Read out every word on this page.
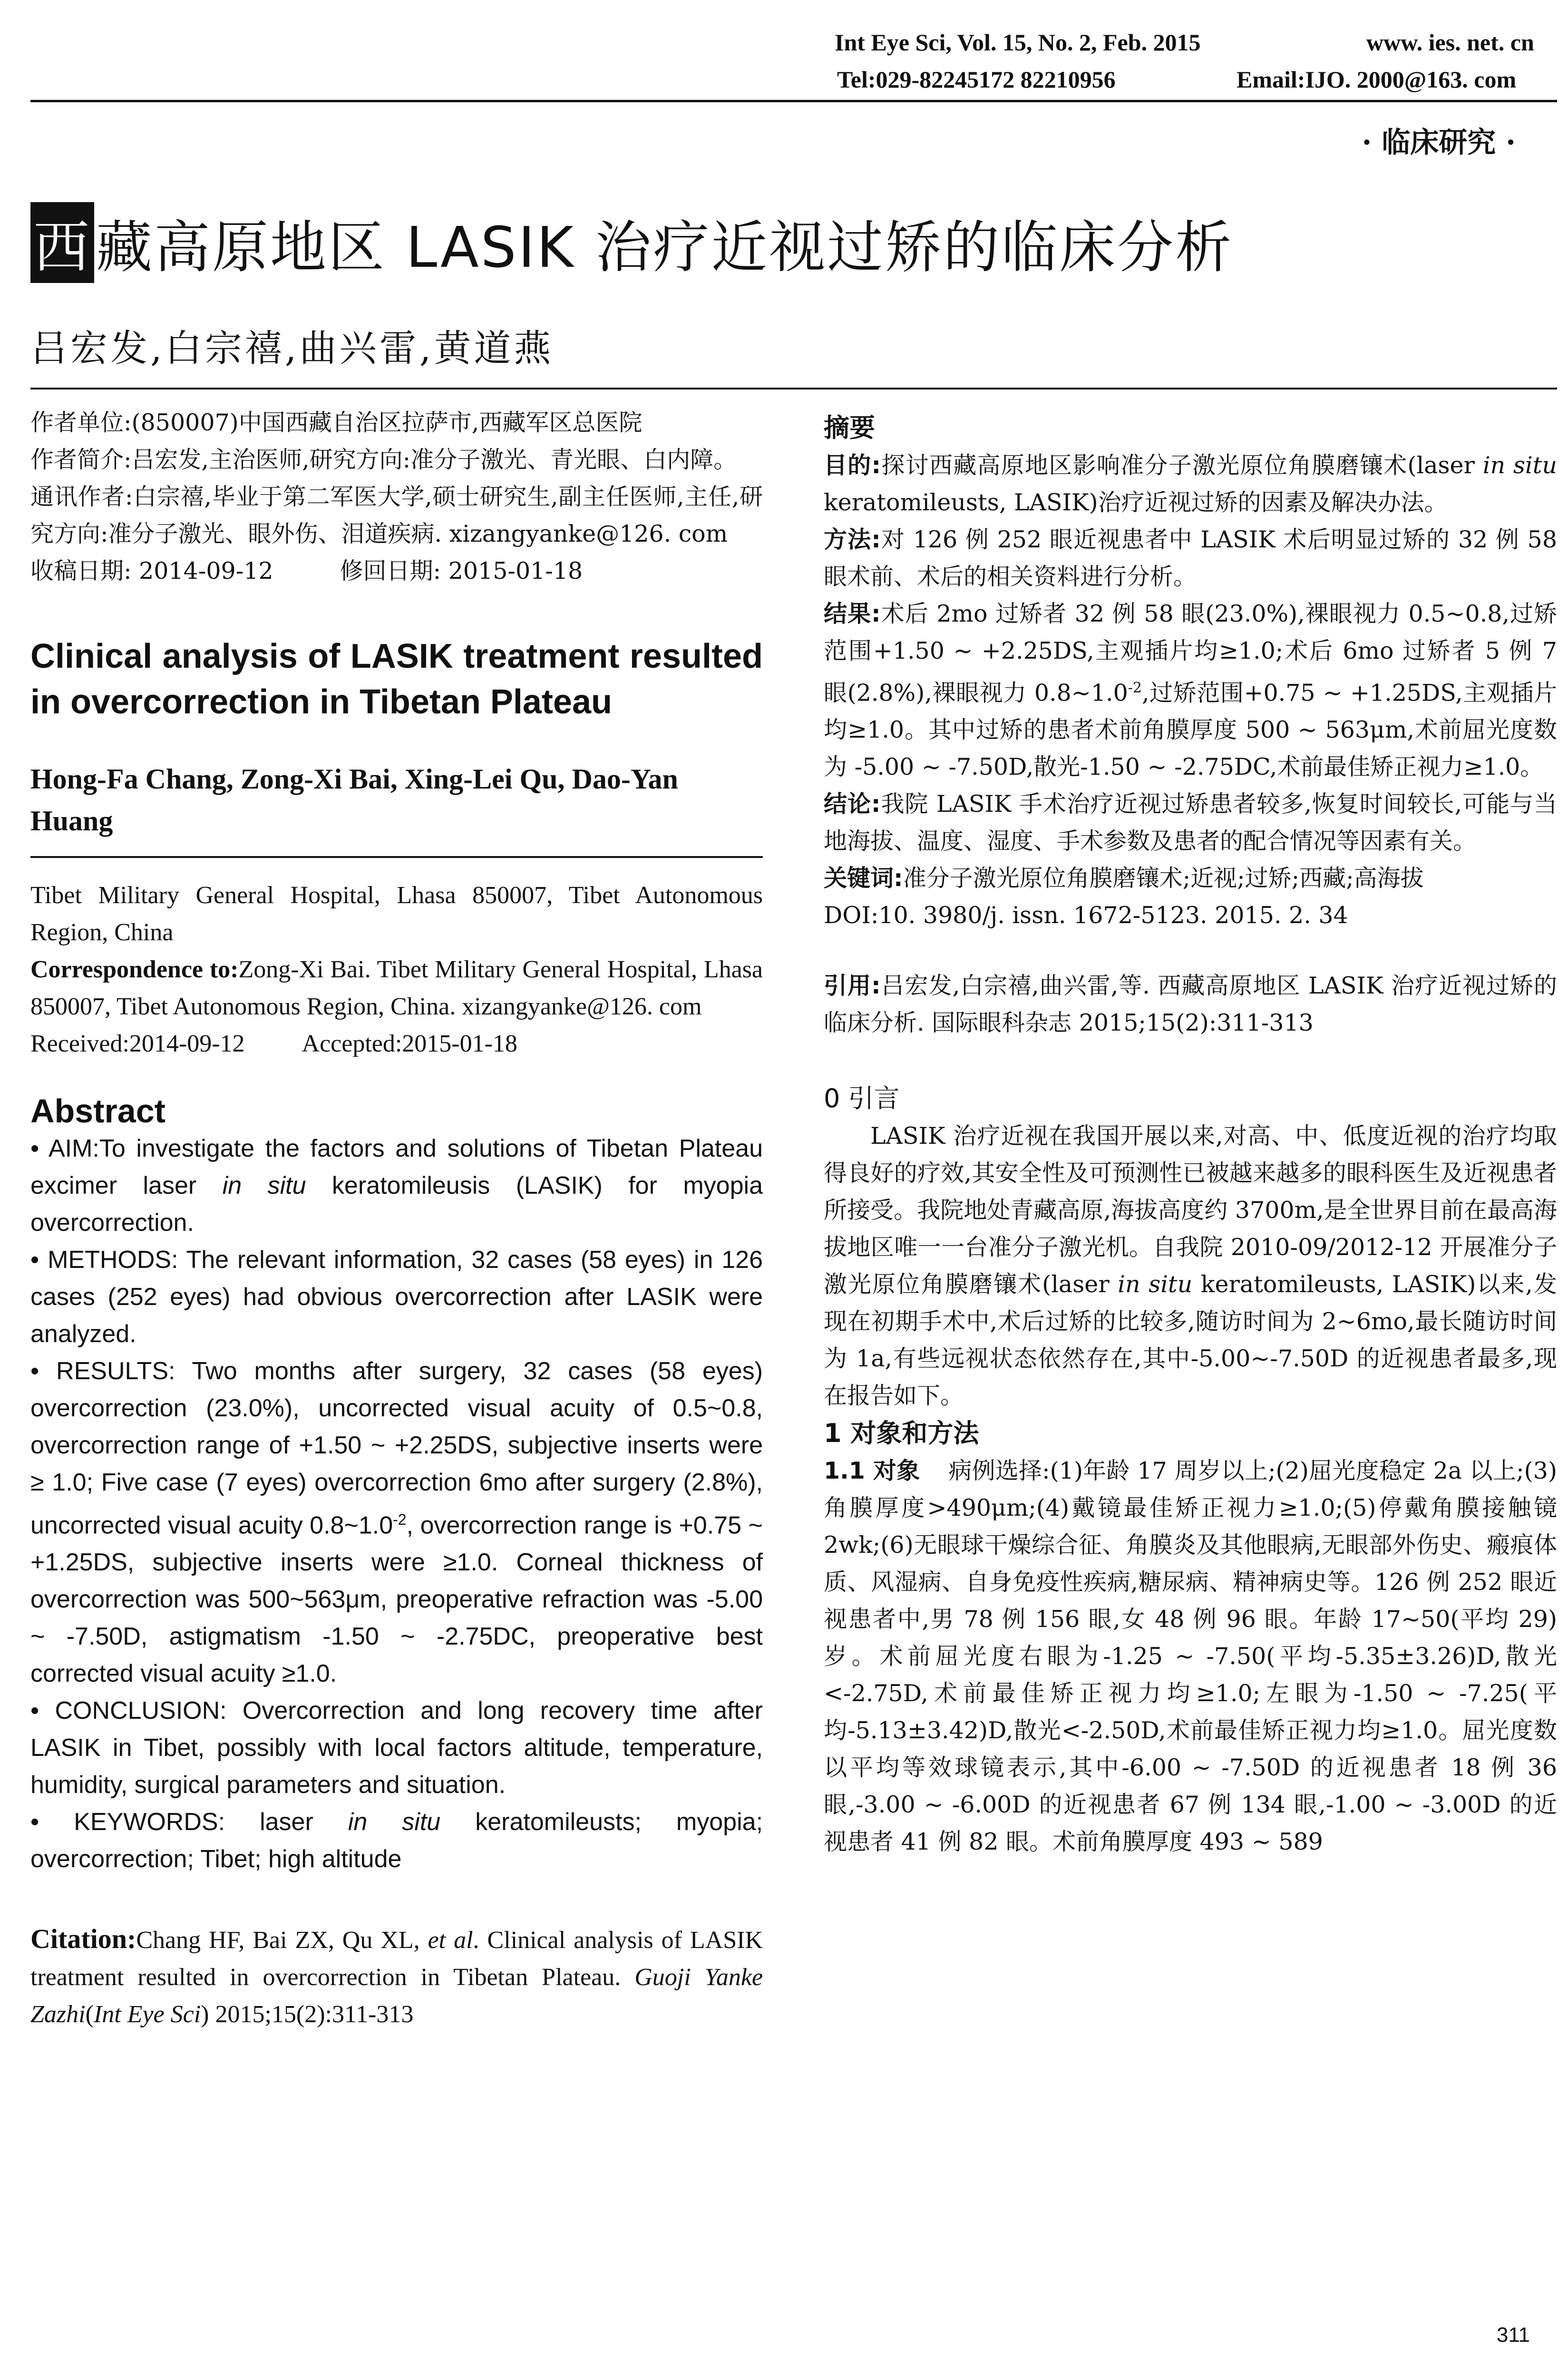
Int Eye Sci, Vol. 15, No. 2, Feb. 2015	www. ies. net. cn
Tel:029-82245172 82210956	Email:IJO. 2000@163. com
· 临床研究 ·
西藏高原地区 LASIK 治疗近视过矫的临床分析
吕宏发,白宗禧,曲兴雷,黄道燕

作者单位:(850007)中国西藏自治区拉萨市,西藏军区总医院

作者简介:吕宏发,主治医师,研究方向:准分子激光、青光眼、白内障。

通讯作者:白宗禧,毕业于第二军医大学,硕士研究生,副主任医师,主任,研究方向:准分子激光、眼外伤、泪道疾病. xizangyanke@126. com

收稿日期: 2014-09-12	修回日期: 2015-01-18

Clinical analysis of LASIK treatment resulted in overcorrection in Tibetan Plateau

Hong-Fa Chang, Zong-Xi Bai, Xing-Lei Qu, Dao-Yan Huang

Tibet Military General Hospital, Lhasa 850007, Tibet Autonomous Region, China

Correspondence to:Zong-Xi Bai. Tibet Military General Hospital, Lhasa 850007, Tibet Autonomous Region, China. xizangyanke@126. com

Received:2014-09-12 Accepted:2015-01-18

Abstract

• AIM:To investigate the factors and solutions of Tibetan Plateau excimer laser in situ keratomileusis (LASIK) for myopia overcorrection.

• METHODS: The relevant information, 32 cases (58 eyes) in 126 cases (252 eyes) had obvious overcorrection after LASIK were analyzed.

• RESULTS: Two months after surgery, 32 cases (58 eyes) overcorrection (23.0%), uncorrected visual acuity of 0.5~0.8, overcorrection range of +1.50 ~ +2.25DS, subjective inserts were ≥ 1.0; Five case (7 eyes) overcorrection 6mo after surgery (2.8%), uncorrected visual acuity $0.8\sim 1.0^{-2}$, overcorrection range is +0.75 ~ +1.25DS, subjective inserts were ≥1.0. Corneal thickness of overcorrection was 500~563μm, preoperative refraction was -5.00 ~ -7.50D, astigmatism -1.50 ~ -2.75DC, preoperative best corrected visual acuity ≥1.0.

• CONCLUSION: Overcorrection and long recovery time after LASIK in Tibet, possibly with local factors altitude, temperature, humidity, surgical parameters and situation.

• KEYWORDS: laser in situ keratomileusts; myopia; overcorrection; Tibet; high altitude

Citation:Chang HF, Bai ZX, Qu XL, et al. Clinical analysis of LASIK treatment resulted in overcorrection in Tibetan Plateau. Guoji Yanke Zazhi(Int Eye Sci) 2015;15(2):311-313

摘要

目的:探讨西藏高原地区影响准分子激光原位角膜磨镶术(laser in situ keratomileusts, LASIK)治疗近视过矫的因素及解决办法。

方法:对 126 例 252 眼近视患者中 LASIK 术后明显过矫的 32 例 58 眼术前、术后的相关资料进行分析。

结果:术后 2mo 过矫者 32 例 58 眼(23.0%),裸眼视力 0.5~0.8,过矫范围+1.50 ~ +2.25DS,主观插片均≥1.0;术后 6mo 过矫者 5 例 7 眼(2.8%),裸眼视力 $0.8\sim 1.0^{-2}$,过矫范围+0.75 ~ +1.25DS,主观插片均≥1.0。其中过矫的患者术前角膜厚度 500 ~ 563μm,术前屈光度数为 -5.00 ~ -7.50D,散光-1.50 ~ -2.75DC,术前最佳矫正视力≥1.0。

结论:我院 LASIK 手术治疗近视过矫患者较多,恢复时间较长,可能与当地海拔、温度、湿度、手术参数及患者的配合情况等因素有关。

关键词:准分子激光原位角膜磨镶术;近视;过矫;西藏;高海拔

DOI:10. 3980/j. issn. 1672-5123. 2015. 2. 34

引用:吕宏发,白宗禧,曲兴雷,等. 西藏高原地区 LASIK 治疗近视过矫的临床分析. 国际眼科杂志 2015;15(2):311-313

0 引言

LASIK 治疗近视在我国开展以来,对高、中、低度近视的治疗均取得良好的疗效,其安全性及可预测性已被越来越多的眼科医生及近视患者所接受。我院地处青藏高原,海拔高度约 3700m,是全世界目前在最高海拔地区唯一一台准分子激光机。自我院 2010-09/2012-12 开展准分子激光原位角膜磨镶术(laser in situ keratomileusts, LASIK)以来,发现在初期手术中,术后过矫的比较多,随访时间为 2~6mo,最长随访时间为 1a,有些远视状态依然存在,其中-5.00~-7.50D 的近视患者最多,现在报告如下。

1 对象和方法

1.1 对象 病例选择:(1)年龄 17 周岁以上;(2)屈光度稳定 2a 以上;(3)角膜厚度>490μm;(4)戴镜最佳矫正视力≥1.0;(5)停戴角膜接触镜 2wk;(6)无眼球干燥综合征、角膜炎及其他眼病,无眼部外伤史、瘢痕体质、风湿病、自身免疫性疾病,糖尿病、精神病史等。126 例 252 眼近视患者中,男 78 例 156 眼,女 48 例 96 眼。年龄 17~50(平均 29)岁。术前屈光度右眼为-1.25 ~ -7.50(平均-5.35±3.26)D,散光<-2.75D,术前最佳矫正视力均≥1.0;左眼为-1.50 ~ -7.25(平均-5.13±3.42)D,散光<-2.50D,术前最佳矫正视力均≥1.0。屈光度数以平均等效球镜表示,其中-6.00 ~ -7.50D 的近视患者 18 例 36 眼,-3.00 ~ -6.00D 的近视患者 67 例 134 眼,-1.00 ~ -3.00D 的近视患者 41 例 82 眼。术前角膜厚度 493 ~ 589

311
